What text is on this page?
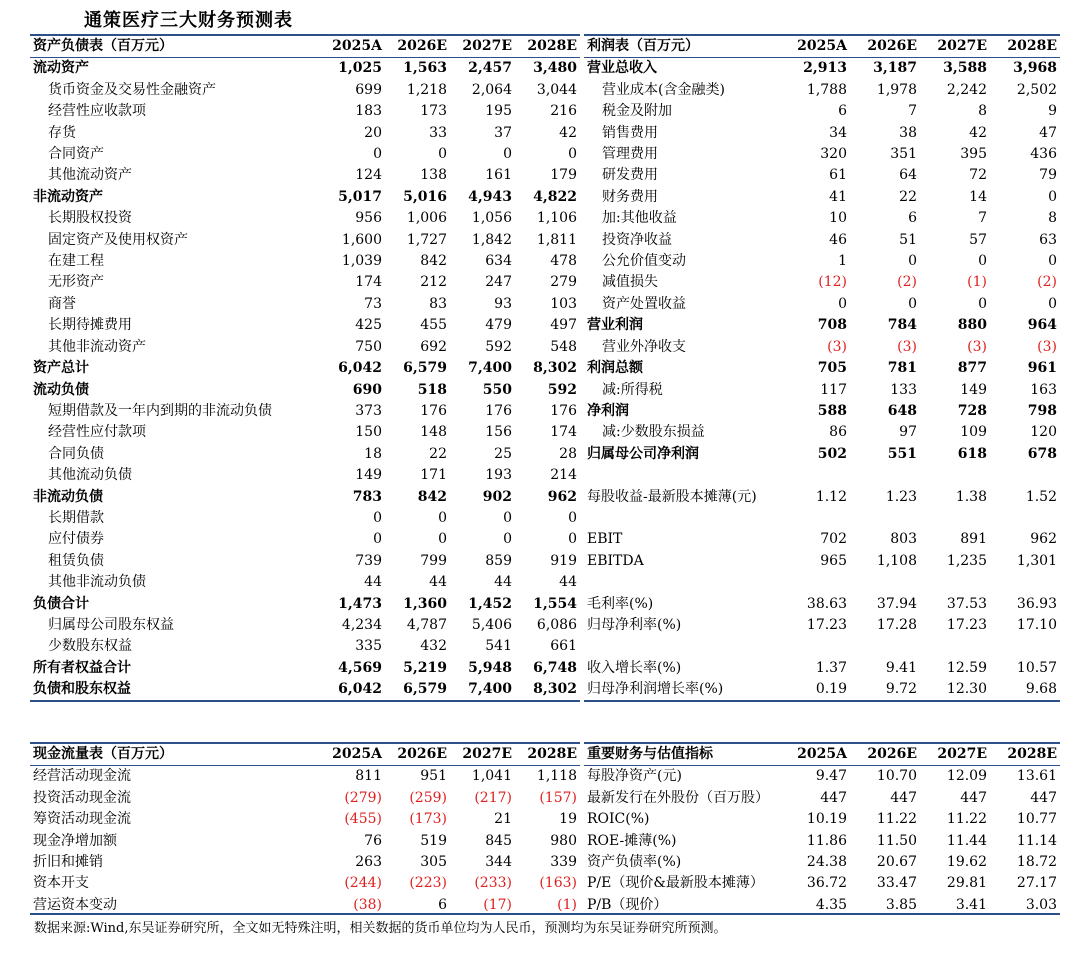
通策医疗三大财务预测表
资产负债表（百万元）	2025A	2026E	2027E	2028E
流动资产	1,025	1,563	2,457	3,480
货币资金及交易性金融资产	699	1,218	2,064	3,044
经营性应收款项	183	173	195	216
存货	20	33	37	42
合同资产	0	0	0	0
其他流动资产	124	138	161	179
非流动资产	5,017	5,016	4,943	4,822
长期股权投资	956	1,006	1,056	1,106
固定资产及使用权资产	1,600	1,727	1,842	1,811
在建工程	1,039	842	634	478
无形资产	174	212	247	279
商誉	73	83	93	103
长期待摊费用	425	455	479	497
其他非流动资产	750	692	592	548
资产总计	6,042	6,579	7,400	8,302
流动负债	690	518	550	592
短期借款及一年内到期的非流动负债	373	176	176	176
经营性应付款项	150	148	156	174
合同负债	18	22	25	28
其他流动负债	149	171	193	214
非流动负债	783	842	902	962
长期借款	0	0	0	0
应付债券	0	0	0	0
租赁负债	739	799	859	919
其他非流动负债	44	44	44	44
负债合计	1,473	1,360	1,452	1,554
归属母公司股东权益	4,234	4,787	5,406	6,086
少数股东权益	335	432	541	661
所有者权益合计	4,569	5,219	5,948	6,748
负债和股东权益	6,042	6,579	7,400	8,302
利润表（百万元）	2025A	2026E	2027E	2028E
营业总收入	2,913	3,187	3,588	3,968
营业成本(含金融类)	1,788	1,978	2,242	2,502
税金及附加	6	7	8	9
销售费用	34	38	42	47
管理费用	320	351	395	436
研发费用	61	64	72	79
财务费用	41	22	14	0
加:其他收益	10	6	7	8
投资净收益	46	51	57	63
公允价值变动	1	0	0	0
减值损失	(12)	(2)	(1)	(2)
资产处置收益	0	0	0	0
营业利润	708	784	880	964
营业外净收支	(3)	(3)	(3)	(3)
利润总额	705	781	877	961
减:所得税	117	133	149	163
净利润	588	648	728	798
减:少数股东损益	86	97	109	120
归属母公司净利润	502	551	618	678

每股收益-最新股本摊薄(元)	1.12	1.23	1.38	1.52

EBIT	702	803	891	962
EBITDA	965	1,108	1,235	1,301

毛利率(%)	38.63	37.94	37.53	36.93
归母净利率(%)	17.23	17.28	17.23	17.10

收入增长率(%)	1.37	9.41	12.59	10.57
归母净利润增长率(%)	0.19	9.72	12.30	9.68
现金流量表（百万元）	2025A	2026E	2027E	2028E
经营活动现金流	811	951	1,041	1,118
投资活动现金流	(279)	(259)	(217)	(157)
筹资活动现金流	(455)	(173)	21	19
现金净增加额	76	519	845	980
折旧和摊销	263	305	344	339
资本开支	(244)	(223)	(233)	(163)
营运资本变动	(38)	6	(17)	(1)
重要财务与估值指标	2025A	2026E	2027E	2028E
每股净资产(元)	9.47	10.70	12.09	13.61
最新发行在外股份（百万股）	447	447	447	447
ROIC(%)	10.19	11.22	11.22	10.77
ROE-摊薄(%)	11.86	11.50	11.44	11.14
资产负债率(%)	24.38	20.67	19.62	18.72
P/E（现价&最新股本摊薄）	36.72	33.47	29.81	27.17
P/B（现价）	4.35	3.85	3.41	3.03
数据来源:Wind,东吴证券研究所，全文如无特殊注明，相关数据的货币单位均为人民币，预测均为东吴证券研究所预测。
